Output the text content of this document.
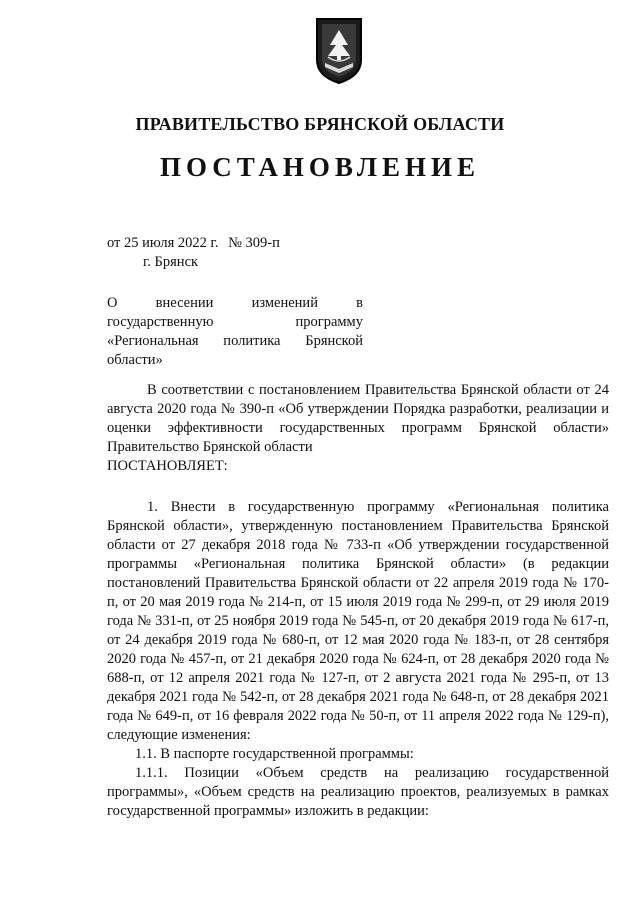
ПРАВИТЕЛЬСТВО БРЯНСКОЙ ОБЛАСТИ
ПОСТАНОВЛЕНИЕ
от 25 июля 2022 г. № 309-п
г. Брянск
О внесении изменений в государственную программу «Региональная политика Брянской области»

В соответствии с постановлением Правительства Брянской области от 24 августа 2020 года № 390-п «Об утверждении Порядка разработки, реализации и оценки эффективности государственных программ Брянской области» Правительство Брянской области

ПОСТАНОВЛЯЕТ:

1. Внести в государственную программу «Региональная политика Брянской области», утвержденную постановлением Правительства Брянской области от 27 декабря 2018 года № 733-п «Об утверждении государственной программы «Региональная политика Брянской области» (в редакции постановлений Правительства Брянской области от 22 апреля 2019 года № 170-п, от 20 мая 2019 года № 214-п, от 15 июля 2019 года № 299-п, от 29 июля 2019 года № 331-п, от 25 ноября 2019 года № 545-п, от 20 декабря 2019 года № 617-п, от 24 декабря 2019 года № 680-п, от 12 мая 2020 года № 183-п, от 28 сентября 2020 года № 457-п, от 21 декабря 2020 года № 624-п, от 28 декабря 2020 года № 688-п, от 12 апреля 2021 года № 127-п, от 2 августа 2021 года № 295-п, от 13 декабря 2021 года № 542-п, от 28 декабря 2021 года № 648-п, от 28 декабря 2021 года № 649-п, от 16 февраля 2022 года № 50-п, от 11 апреля 2022 года № 129-п), следующие изменения:

1.1. В паспорте государственной программы:

1.1.1. Позиции «Объем средств на реализацию государственной программы», «Объем средств на реализацию проектов, реализуемых в рамках государственной программы» изложить в редакции:
